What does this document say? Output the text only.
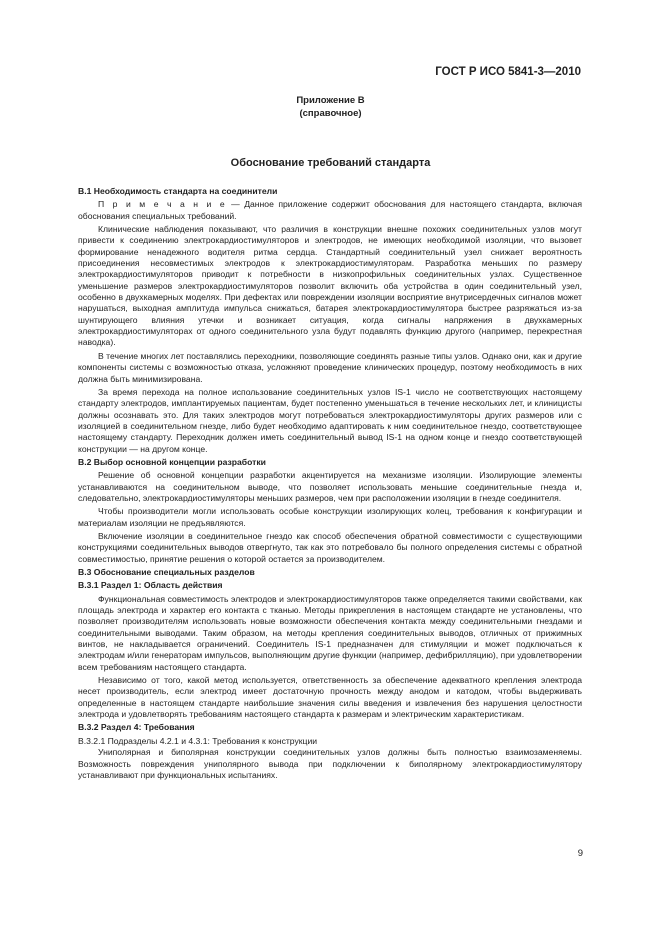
ГОСТ Р ИСО 5841-3—2010
Приложение В
(справочное)
Обоснование требований стандарта
В.1 Необходимость стандарта на соединители
П р и м е ч а н и е — Данное приложение содержит обоснования для настоящего стандарта, включая обоснования специальных требований.
Клинические наблюдения показывают, что различия в конструкции внешне похожих соединительных узлов могут привести к соединению электрокардиостимуляторов и электродов, не имеющих необходимой изоляции, что вызовет формирование ненадежного водителя ритма сердца. Стандартный соединительный узел снижает вероятность присоединения несовместимых электродов к электрокардиостимуляторам. Разработка меньших по размеру электрокардиостимуляторов приводит к потребности в низкопрофильных соединительных узлах. Существенное уменьшение размеров электрокардиостимуляторов позволит включить оба устройства в один соединительный узел, особенно в двухкамерных моделях. При дефектах или повреждении изоляции восприятие внутрисердечных сигналов может нарушаться, выходная амплитуда импульса снижаться, батарея электрокардиостимулятора быстрее разряжаться из-за шунтирующего влияния утечки и возникает ситуация, когда сигналы напряжения в двухкамерных электрокардиостимуляторах от одного соединительного узла будут подавлять функцию другого (например, перекрестная наводка).
В течение многих лет поставлялись переходники, позволяющие соединять разные типы узлов. Однако они, как и другие компоненты системы с возможностью отказа, усложняют проведение клинических процедур, поэтому необходимость в них должна быть минимизирована.
За время перехода на полное использование соединительных узлов IS-1 число не соответствующих настоящему стандарту электродов, имплантируемых пациентам, будет постепенно уменьшаться в течение нескольких лет, и клиницисты должны осознавать это. Для таких электродов могут потребоваться электрокардиостимуляторы других размеров или с изоляцией в соединительном гнезде, либо будет необходимо адаптировать к ним соединительное гнездо, соответствующее настоящему стандарту. Переходник должен иметь соединительный вывод IS-1 на одном конце и гнездо соответствующей конструкции — на другом конце.
В.2 Выбор основной концепции разработки
Решение об основной концепции разработки акцентируется на механизме изоляции. Изолирующие элементы устанавливаются на соединительном выводе, что позволяет использовать меньшие соединительные гнезда и, следовательно, электрокардиостимуляторы меньших размеров, чем при расположении изоляции в гнезде соединителя.
Чтобы производители могли использовать особые конструкции изолирующих колец, требования к конфигурации и материалам изоляции не предъявляются.
Включение изоляции в соединительное гнездо как способ обеспечения обратной совместимости с существующими конструкциями соединительных выводов отвергнуто, так как это потребовало бы полного определения системы с обратной совместимостью, принятие решения о которой остается за производителем.
В.3 Обоснование специальных разделов
В.3.1 Раздел 1: Область действия
Функциональная совместимость электродов и электрокардиостимуляторов также определяется такими свойствами, как площадь электрода и характер его контакта с тканью. Методы прикрепления в настоящем стандарте не установлены, что позволяет производителям использовать новые возможности обеспечения контакта между соединительными гнездами и соединительными выводами. Таким образом, на методы крепления соединительных выводов, отличных от прижимных винтов, не накладывается ограничений. Соединитель IS-1 предназначен для стимуляции и может подключаться к электродам и/или генераторам импульсов, выполняющим другие функции (например, дефибрилляцию), при удовлетворении всем требованиям настоящего стандарта.
Независимо от того, какой метод используется, ответственность за обеспечение адекватного крепления электрода несет производитель, если электрод имеет достаточную прочность между анодом и катодом, чтобы выдерживать определенные в настоящем стандарте наибольшие значения силы введения и извлечения без нарушения целостности электрода и удовлетворять требованиям настоящего стандарта к размерам и электрическим характеристикам.
В.3.2 Раздел 4: Требования
В.3.2.1 Подразделы 4.2.1 и 4.3.1: Требования к конструкции
Униполярная и биполярная конструкции соединительных узлов должны быть полностью взаимозаменяемы. Возможность повреждения униполярного вывода при подключении к биполярному электрокардиостимулятору устанавливают при функциональных испытаниях.
9
